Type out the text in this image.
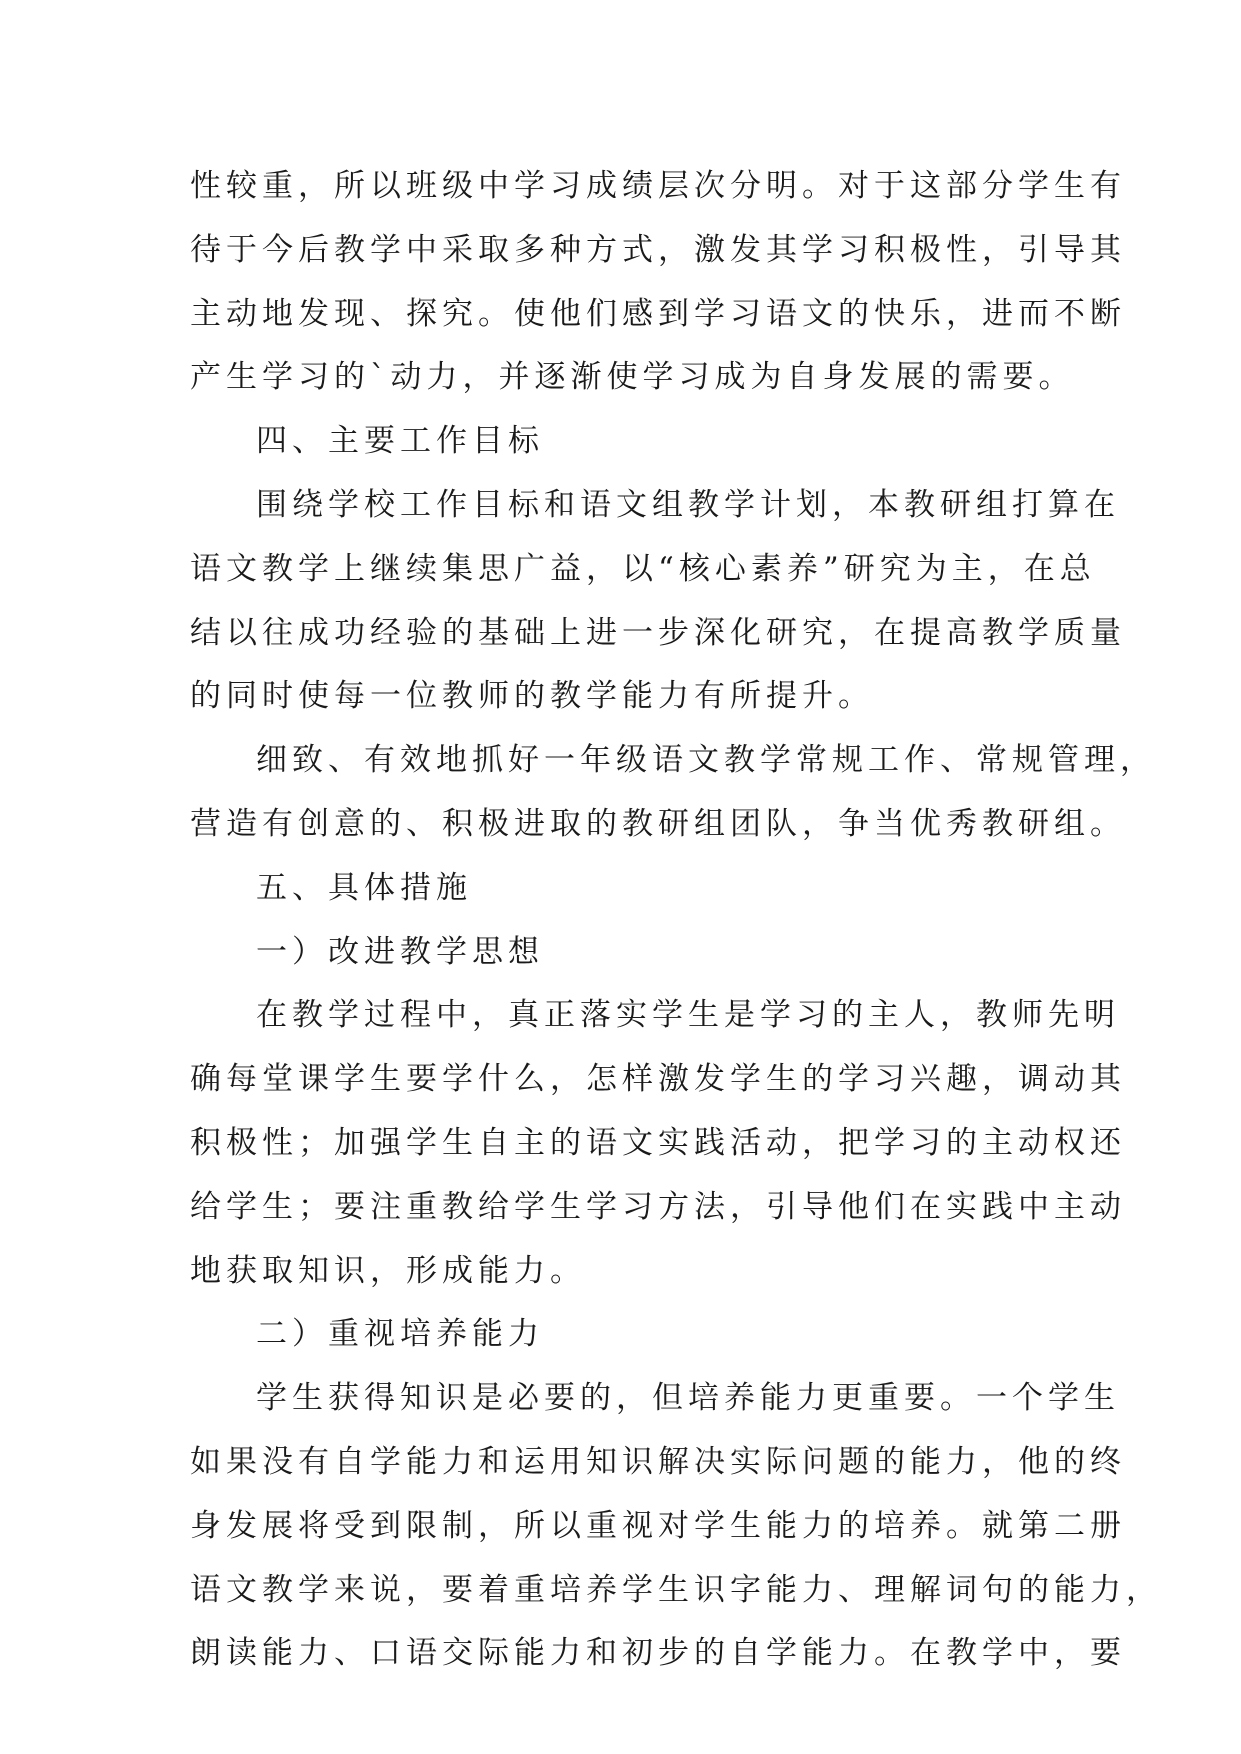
性较重，所以班级中学习成绩层次分明。对于这部分学生有
待于今后教学中采取多种方式，激发其学习积极性，引导其
主动地发现、探究。使他们感到学习语文的快乐，进而不断
产生学习的`动力，并逐渐使学习成为自身发展的需要。
四、主要工作目标
围绕学校工作目标和语文组教学计划，本教研组打算在
语文教学上继续集思广益，以“核心素养”研究为主，在总
结以往成功经验的基础上进一步深化研究，在提高教学质量
的同时使每一位教师的教学能力有所提升。
细致、有效地抓好一年级语文教学常规工作、常规管理，
营造有创意的、积极进取的教研组团队，争当优秀教研组。
五、具体措施
一）改进教学思想
在教学过程中，真正落实学生是学习的主人，教师先明
确每堂课学生要学什么，怎样激发学生的学习兴趣，调动其
积极性；加强学生自主的语文实践活动，把学习的主动权还
给学生；要注重教给学生学习方法，引导他们在实践中主动
地获取知识，形成能力。
二）重视培养能力
学生获得知识是必要的，但培养能力更重要。一个学生
如果没有自学能力和运用知识解决实际问题的能力，他的终
身发展将受到限制，所以重视对学生能力的培养。就第二册
语文教学来说，要着重培养学生识字能力、理解词句的能力，
朗读能力、口语交际能力和初步的自学能力。在教学中，要
